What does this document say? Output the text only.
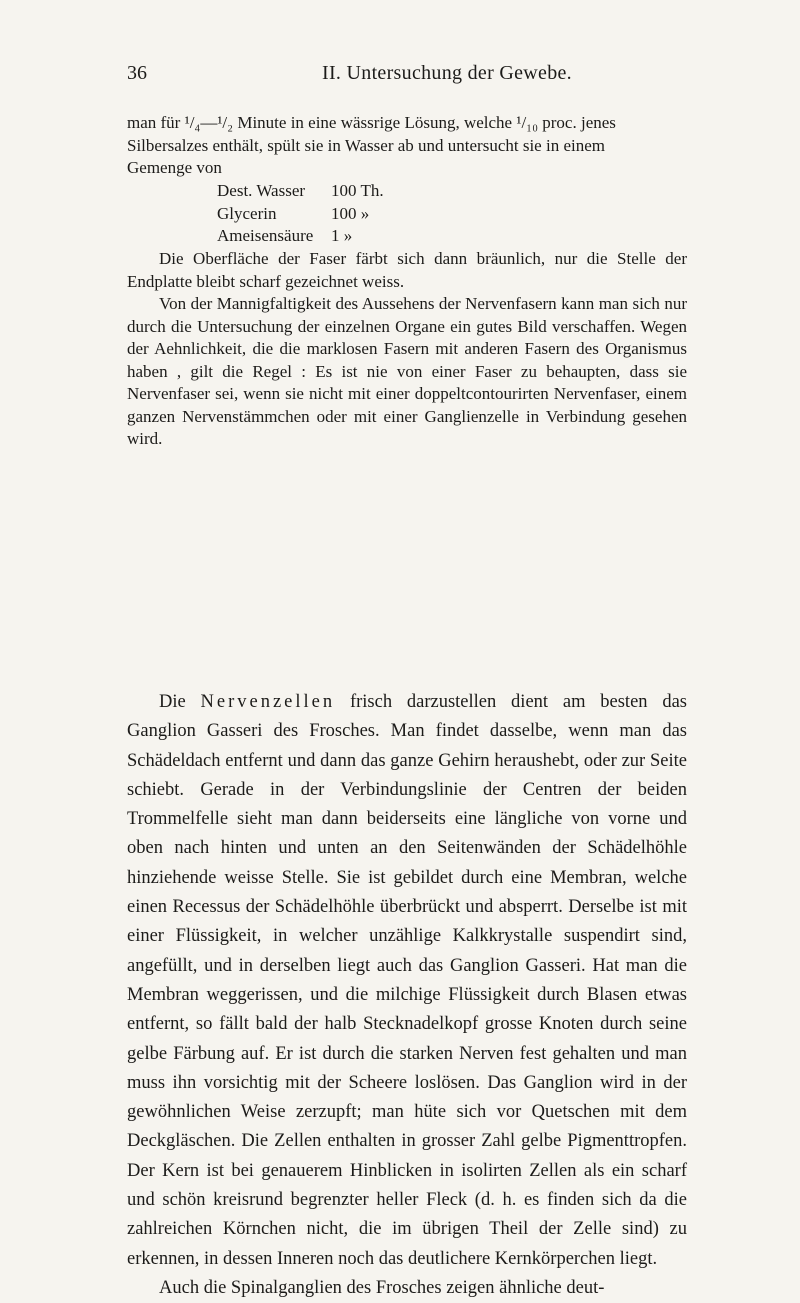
36	II. Untersuchung der Gewebe.

man für ¹/₄—¹/₂ Minute in eine wässrige Lösung, welche ¹/₁₀ proc. jenes

Silbersalzes enthält, spült sie in Wasser ab und untersucht sie in einem

Gemenge von

Dest. Wasser 100 Th.
Glycerin	100 »
Ameisensäure 1 »

Die Oberfläche der Faser färbt sich dann bräunlich, nur die Stelle der Endplatte bleibt scharf gezeichnet weiss.

Von der Mannigfaltigkeit des Aussehens der Nervenfasern kann man sich nur durch die Untersuchung der einzelnen Organe ein gutes Bild verschaffen. Wegen der Aehnlichkeit, die die marklosen Fasern mit anderen Fasern des Organismus haben , gilt die Regel : Es ist nie von einer Faser zu behaupten, dass sie Nervenfaser sei, wenn sie nicht mit einer doppeltcontourirten Nervenfaser, einem ganzen Nervenstämmchen oder mit einer Ganglienzelle in Verbindung gesehen wird.

Die Nervenzellen frisch darzustellen dient am besten das Ganglion Gasseri des Frosches. Man findet dasselbe, wenn man das Schädeldach entfernt und dann das ganze Gehirn heraushebt, oder zur Seite schiebt. Gerade in der Verbindungslinie der Centren der beiden Trommelfelle sieht man dann beiderseits eine längliche von vorne und oben nach hinten und unten an den Seitenwänden der Schädelhöhle hinziehende weisse Stelle. Sie ist gebildet durch eine Membran, welche einen Recessus der Schädelhöhle überbrückt und absperrt. Derselbe ist mit einer Flüssigkeit, in welcher unzählige Kalkkrystalle suspendirt sind, angefüllt, und in derselben liegt auch das Ganglion Gasseri. Hat man die Membran weggerissen, und die milchige Flüssigkeit durch Blasen etwas entfernt, so fällt bald der halb Stecknadelkopf grosse Knoten durch seine gelbe Färbung auf. Er ist durch die starken Nerven fest gehalten und man muss ihn vorsichtig mit der Scheere loslösen. Das Ganglion wird in der gewöhnlichen Weise zerzupft; man hüte sich vor Quetschen mit dem Deckgläschen. Die Zellen enthalten in grosser Zahl gelbe Pigmenttropfen. Der Kern ist bei genauerem Hinblicken in isolirten Zellen als ein scharf und schön kreisrund begrenzter heller Fleck (d. h. es finden sich da die zahlreichen Körnchen nicht, die im übrigen Theil der Zelle sind) zu erkennen, in dessen Inneren noch das deutlichere Kernkörperchen liegt.

Auch die Spinalganglien des Frosches zeigen ähnliche deut-
